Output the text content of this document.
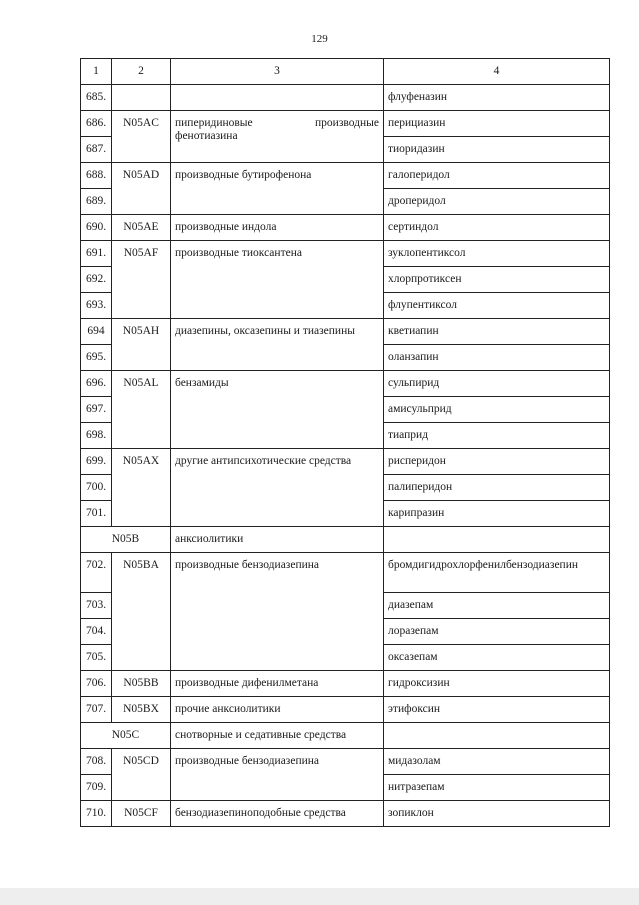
129
1	2	3	4
685.			флуфеназин
686.	N05AC	пиперидиновые производные фенотиазина	перициазин
687.			тиоридазин
688.	N05AD	производные бутирофенона	галоперидол
689.			дроперидол
690.	N05AE	производные индола	сертиндол
691.	N05AF	производные тиоксантена	зуклопентиксол
692.			хлорпротиксен
693.			флупентиксол
694	N05AH	диазепины, оксазепины и тиазепины	кветиапин
695.			оланзапин
696.	N05AL	бензамиды	сульпирид
697.			амисульприд
698.			тиаприд
699.	N05AX	другие антипсихотические средства	рисперидон
700.			палиперидон
701.			карипразин
N05B		анксиолитики	
702.	N05BA	производные бензодиазепина	бромдигидрохлорфенилбензодиазепин
703.			диазепам
704.			лоразепам
705.			оксазепам
706.	N05BB	производные дифенилметана	гидроксизин
707.	N05BX	прочие анксиолитики	этифоксин
N05C		снотворные и седативные средства	
708.	N05CD	производные бензодиазепина	мидазолам
709.			нитразепам
710.	N05CF	бензодиазепиноподобные средства	зопиклон
